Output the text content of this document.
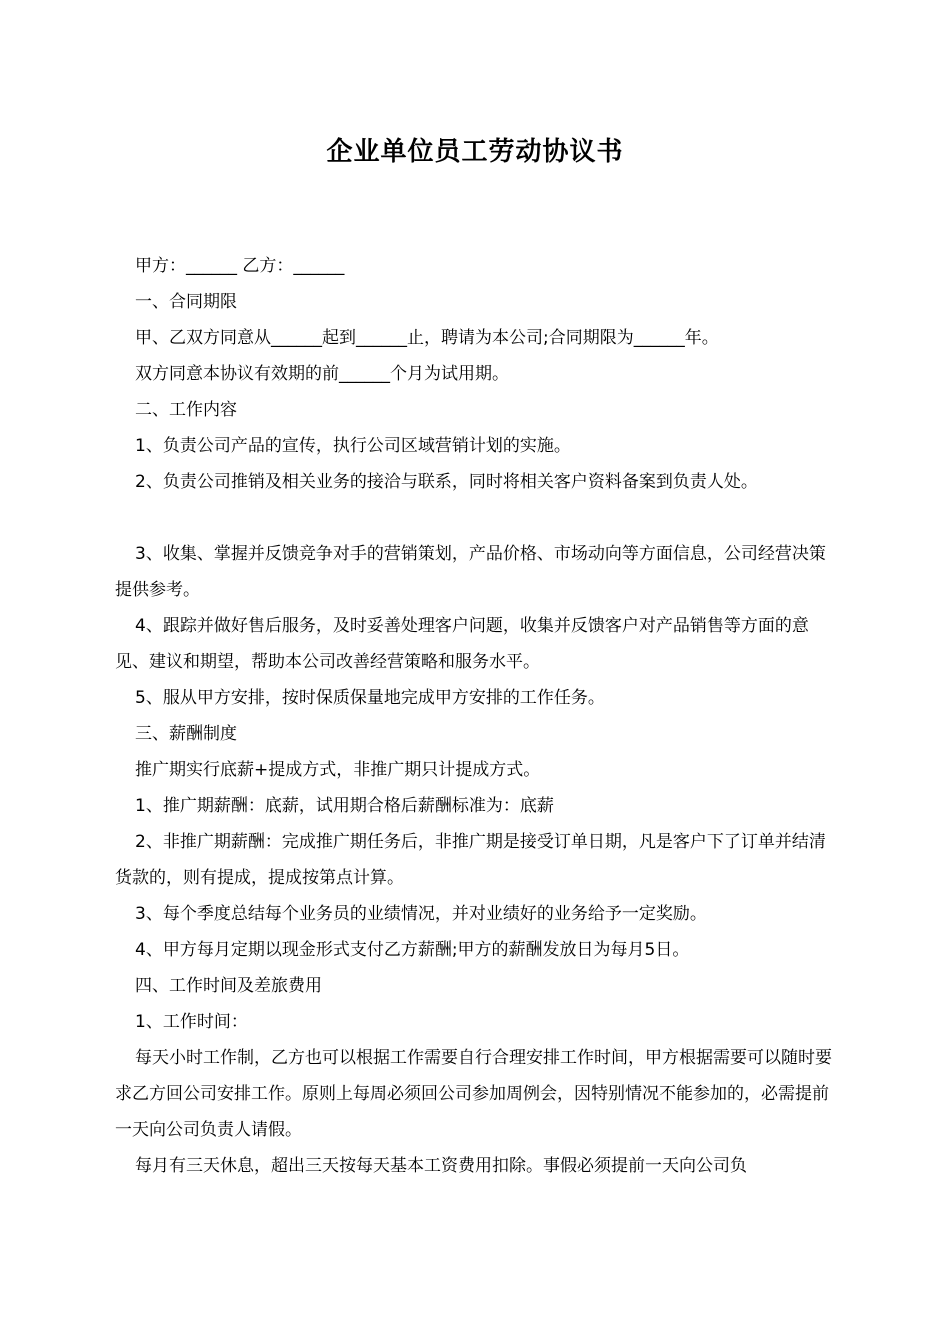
企业单位员工劳动协议书

甲方：______ 乙方：______

一、合同期限

甲、乙双方同意从______起到______止，聘请为本公司;合同期限为______年。

双方同意本协议有效期的前______个月为试用期。

二、工作内容

1、负责公司产品的宣传，执行公司区域营销计划的实施。

2、负责公司推销及相关业务的接洽与联系，同时将相关客户资料备案到负责人处。

3、收集、掌握并反馈竞争对手的营销策划，产品价格、市场动向等方面信息，公司经营决策提供参考。

4、跟踪并做好售后服务，及时妥善处理客户问题，收集并反馈客户对产品销售等方面的意见、建议和期望，帮助本公司改善经营策略和服务水平。

5、服从甲方安排，按时保质保量地完成甲方安排的工作任务。

三、薪酬制度

推广期实行底薪+提成方式，非推广期只计提成方式。

1、推广期薪酬：底薪，试用期合格后薪酬标准为：底薪

2、非推广期薪酬：完成推广期任务后，非推广期是接受订单日期，凡是客户下了订单并结清货款的，则有提成，提成按第点计算。

3、每个季度总结每个业务员的业绩情况，并对业绩好的业务给予一定奖励。

4、甲方每月定期以现金形式支付乙方薪酬;甲方的薪酬发放日为每月5日。

四、工作时间及差旅费用

1、工作时间：

每天小时工作制，乙方也可以根据工作需要自行合理安排工作时间，甲方根据需要可以随时要求乙方回公司安排工作。原则上每周必须回公司参加周例会，因特别情况不能参加的，必需提前一天向公司负责人请假。

每月有三天休息，超出三天按每天基本工资费用扣除。事假必须提前一天向公司负
